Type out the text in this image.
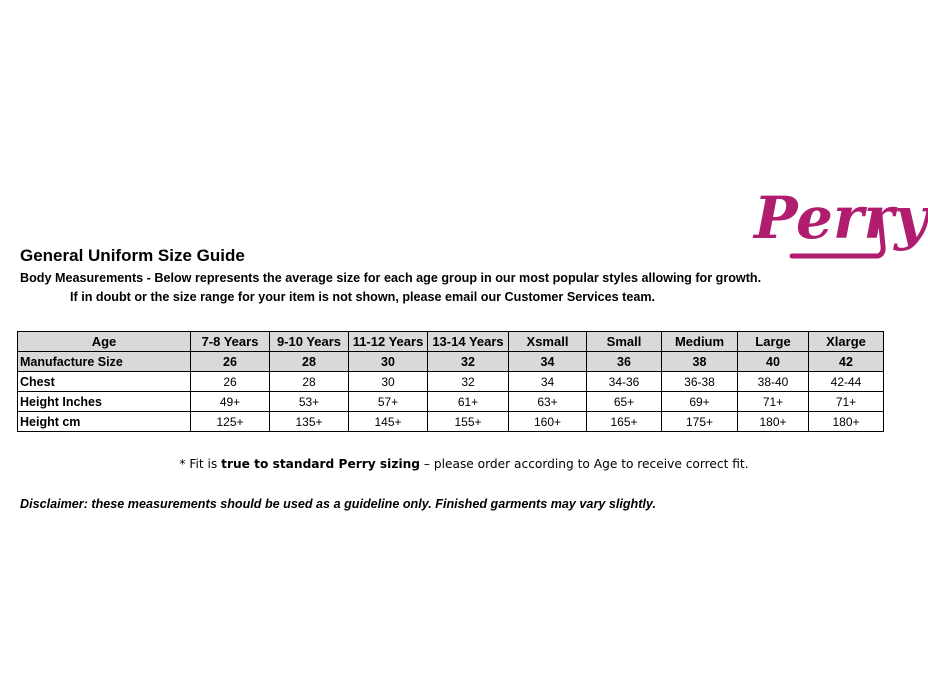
Perry
General Uniform Size Guide
Body Measurements - Below represents the average size for each age group in our most popular styles allowing for growth.
If in doubt or the size range for your item is not shown, please email our Customer Services team.
Age	7-8 Years	9-10 Years	11-12 Years	13-14 Years	Xsmall	Small	Medium	Large	Xlarge
Manufacture Size	26	28	30	32	34	36	38	40	42
Chest	26	28	30	32	34	34-36	36-38	38-40	42-44
Height Inches	49+	53+	57+	61+	63+	65+	69+	71+	71+
Height cm	125+	135+	145+	155+	160+	165+	175+	180+	180+
* Fit is true to standard Perry sizing – please order according to Age to receive correct fit.
Disclaimer: these measurements should be used as a guideline only. Finished garments may vary slightly.
